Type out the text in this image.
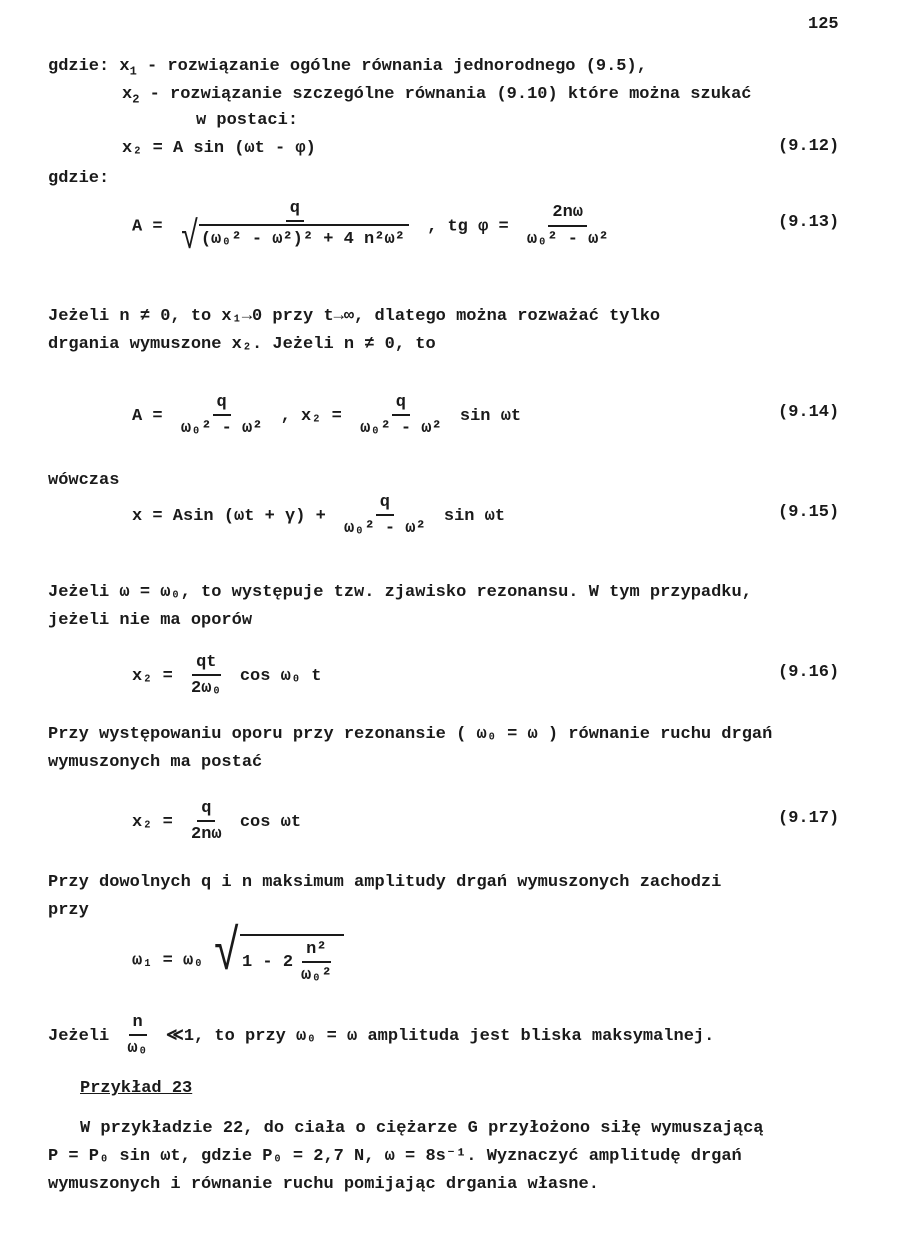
125
gdzie: $x_1$ - rozwiązanie ogólne równania jednorodnego (9.5),
$x_2$ - rozwiązanie szczególne równania (9.10) które można szukać
w postaci:
x₂ = A sin (ωt - φ)	(9.12)
gdzie:
$A = \frac{q}{\text{√ (ω₀² - ω²)² + 4 n²ω²}}$ , tg $\varphi = \frac{2n\omega}{\text{ω₀² - ω²}}$	(9.13)
Jeżeli n ≠ 0, to x₁→0 przy t→∞, dlatego można rozważać tylko
drgania wymuszone x₂. Jeżeli n ≠ 0, to
$A = \frac{q}{\text{ω₀² - ω²}}$ , $x_2 = \frac{q}{\text{ω₀² - ω²}}$ sin ωt	(9.14)
wówczas
x = Asin $(\omega t + \gamma) + \frac{q}{\text{ω₀² - ω²}}$ sin ωt	(9.15)
Jeżeli ω = ω₀, to występuje tzw. zjawisko rezonansu. W tym przypadku,
jeżeli nie ma oporów
$x_2 = \frac{qt}{\text{2ω₀}}$ cos ω₀ t	(9.16)
Przy występowaniu oporu przy rezonansie ( ω₀ = ω ) równanie ruchu drgań
wymuszonych ma postać
$x_2 = \frac{q}{2n\omega}$ cos ωt	(9.17)
Przy dowolnych q i n maksimum amplitudy drgań wymuszonych zachodzi
przy
ω₁ = ω₀ √ $1 - 2 \frac{\text{n²}}{\text{ω₀²}}$
Jeżeli $\frac{n}{\text{ω₀}}$ ≪1, to przy ω₀ = ω amplituda jest bliska maksymalnej.
Przykład 23
W przykładzie 22, do ciała o ciężarze G przyłożono siłę wymuszającą
P = P₀ sin ωt, gdzie P₀ = 2,7 N, ω = 8s⁻¹. Wyznaczyć amplitudę drgań
wymuszonych i równanie ruchu pomijając drgania własne.
